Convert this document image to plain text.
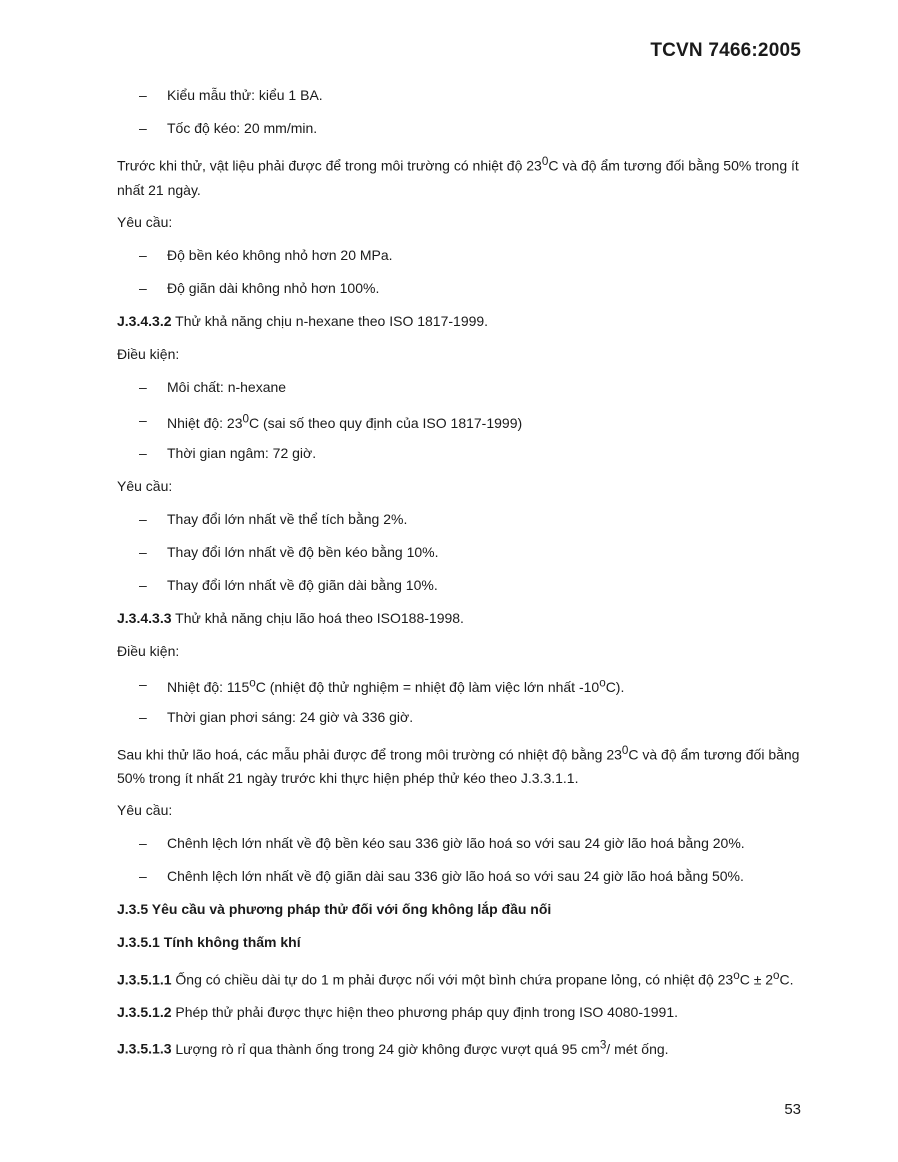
TCVN 7466:2005
– Kiểu mẫu thử: kiểu 1 BA.
– Tốc độ kéo: 20 mm/min.
Trước khi thử, vật liệu phải được để trong môi trường có nhiệt độ $23^0C$ và độ ẩm tương đối bằng 50% trong ít nhất 21 ngày.
Yêu cầu:
– Độ bền kéo không nhỏ hơn 20 MPa.
– Độ giãn dài không nhỏ hơn 100%.
J.3.4.3.2 Thử khả năng chịu n-hexane theo ISO 1817-1999.
Điều kiện:
– Môi chất: n-hexane
– Nhiệt độ: $23^0C$ (sai số theo quy định của ISO 1817-1999)
– Thời gian ngâm: 72 giờ.
Yêu cầu:
– Thay đổi lớn nhất về thể tích bằng 2%.
– Thay đổi lớn nhất về độ bền kéo bằng 10%.
– Thay đổi lớn nhất về độ giãn dài bằng 10%.
J.3.4.3.3 Thử khả năng chịu lão hoá theo ISO188-1998.
Điều kiện:
– Nhiệt độ: 115$^o$C (nhiệt độ thử nghiệm = nhiệt độ làm việc lớn nhất -10$^o$C).
– Thời gian phơi sáng: 24 giờ và 336 giờ.
Sau khi thử lão hoá, các mẫu phải được để trong môi trường có nhiệt độ bằng $23^0C$ và độ ẩm tương đối bằng 50% trong ít nhất 21 ngày trước khi thực hiện phép thử kéo theo J.3.3.1.1.
Yêu cầu:
– Chênh lệch lớn nhất về độ bền kéo sau 336 giờ lão hoá so với sau 24 giờ lão hoá bằng 20%.
– Chênh lệch lớn nhất về độ giãn dài sau 336 giờ lão hoá so với sau 24 giờ lão hoá bằng 50%.
J.3.5 Yêu cầu và phương pháp thử đối với ống không lắp đầu nối
J.3.5.1 Tính không thấm khí
J.3.5.1.1 Ống có chiều dài tự do 1 m phải được nối với một bình chứa propane lỏng, có nhiệt độ $23^oC \pm 2^oC$.
J.3.5.1.2 Phép thử phải được thực hiện theo phương pháp quy định trong ISO 4080-1991.
J.3.5.1.3 Lượng rò rỉ qua thành ống trong 24 giờ không được vượt quá 95 $cm^3/$ mét ống.
53
